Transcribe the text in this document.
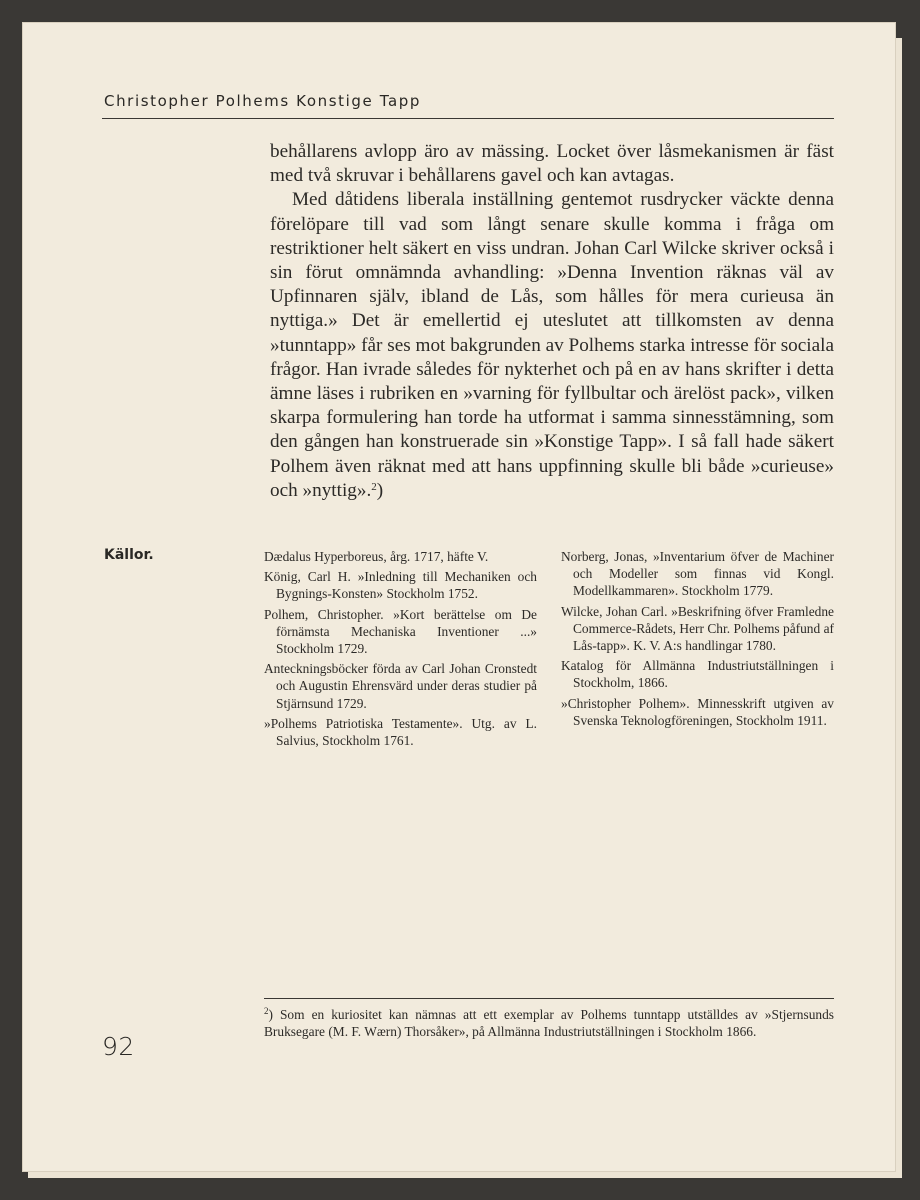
Christopher Polhems Konstige Tapp

behållarens avlopp äro av mässing. Locket över låsmekanismen är fäst med två skruvar i behållarens gavel och kan avtagas.

Med dåtidens liberala inställning gentemot rusdrycker väckte denna förelöpare till vad som långt senare skulle komma i fråga om restriktioner helt säkert en viss undran. Johan Carl Wilcke skriver också i sin förut omnämnda avhandling: »Denna Invention räknas väl av Upfinnaren själv, ibland de Lås, som hålles för mera curieusa än nyttiga.» Det är emellertid ej uteslutet att tillkomsten av denna »tunntapp» får ses mot bakgrunden av Polhems starka intresse för sociala frågor. Han ivrade således för nykterhet och på en av hans skrifter i detta ämne läses i rubriken en »varning för fyllbultar och ärelöst pack», vilken skarpa formulering han torde ha utformat i samma sinnesstämning, som den gången han konstruerade sin »Konstige Tapp». I så fall hade säkert Polhem även räknat med att hans uppfinning skulle bli både »curieuse» och »nyttig».$^2$)

Källor.	Dædalus Hyperboreus, årg. 1717, häfte V.

König, Carl H. »Inledning till Mechaniken och Bygnings-Konsten» Stockholm 1752.

Polhem, Christopher. »Kort berättelse om De förnämsta Mechaniska Inventioner ...» Stockholm 1729.

Anteckningsböcker förda av Carl Johan Cronstedt och Augustin Ehrensvärd under deras studier på Stjärnsund 1729.

»Polhems Patriotiska Testamente». Utg. av L. Salvius, Stockholm 1761.

Norberg, Jonas, »Inventarium öfver de Machiner och Modeller som finnas vid Kongl. Modellkammaren». Stockholm 1779.

Wilcke, Johan Carl. »Beskrifning öfver Framledne Commerce-Rådets, Herr Chr. Polhems påfund af Lås-tapp». K. V. A:s handlingar 1780.

Katalog för Allmänna Industriutställningen i Stockholm, 1866.

»Christopher Polhem». Minnesskrift utgiven av Svenska Teknologföreningen, Stockholm 1911.

$^2$) Som en kuriositet kan nämnas att ett exemplar av Polhems tunntapp utställdes av »Stjernsunds Bruksegare (M. F. Wærn) Thorsåker», på Allmänna Industriutställningen i Stockholm 1866.

92
